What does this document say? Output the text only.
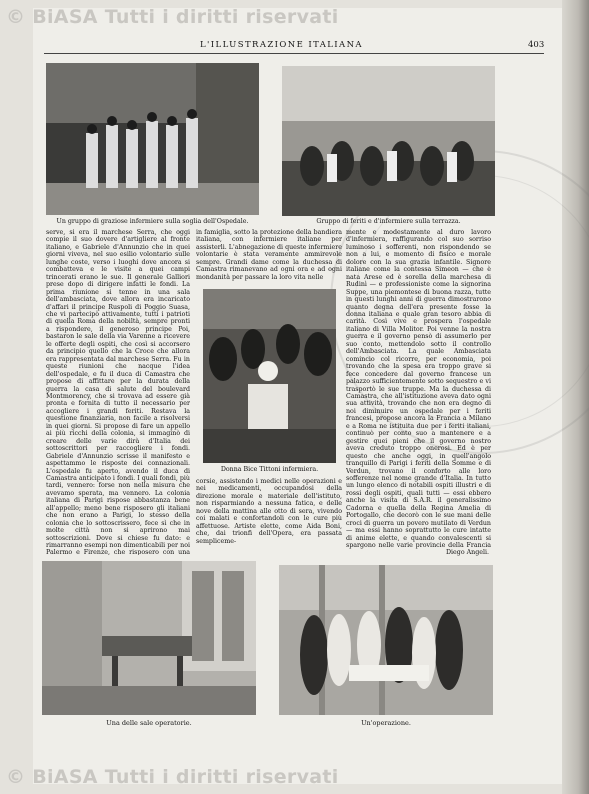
© BiASA Tutti i diritti riservati
L'ILLUSTRAZIONE ITALIANA	403
Un gruppo di graziose infermiere sulla soglia dell'Ospedale.	Gruppo di feriti e d'infermiere sulla terrazza.

serve, si era il marchese Serra, che oggi compie il suo dovere d'artigliere al fronte italiano, e Gabriele d'Annunzio che in quei giorni viveva, nel suo esilio volontario sulle lunghe coste, verso i luoghi dove ancora si combatteva e le visite a quei campi trincerati erano le sue. Il generale Galliori prese dopo di dirigere infatti le fondi. La prima riunione si tenne in una sala dell'ambasciata, dove allora era incaricato d'affari il principe Ruspoli di Poggio Suasa, che vi partecipò attivamente, tutti i patrioti di quella Roma della nobiltà, sempre pronti a rispondere, il generoso principe Poi, bastaron le sale della via Varenne a ricevere le offerte degli ospiti, che così si accorsero da principio quello che la Croce che allora era rappresentata dal marchese Serra. Fu in queste riunioni che nacque l'idea dell'ospedale, e fu il duca di Camastra che propose di affittare per la durata della guerra la casa di salute del boulevard Montmorency, che si trovava ad essere già pronta e fornita di tutto il necessario per accogliere i grandi feriti. Restava la questione finanziaria, non facile a risolversi in quei giorni. Si propose di fare un appello ai più ricchi della colonia, si immaginò di creare delle varie dirà d'Italia dei sottoscrittori per raccogliere i fondi. Gabriele d'Annunzio scrisse il manifesto e aspettammo le risposte dei connazionali. L'ospedale fu aperto, avendo il duca di Camastra anticipato i fondi. I quali fondi, più tardi, vennero: forse non nella misura che avevamo sperata, ma vennero. La colonia italiana di Parigi rispose abbastanza bene all'appello; meno bene risposero gli italiani che non erano a Parigi, lo stesso della colonia che lo sottoscrissero, fece sì che in molte città non si aprirono mai sottoscrizioni. Dove si chiese fu dato: e rimarranno esempi non dimenticabili per noi Palermo e Firenze, che risposero con una

in famiglia, sotto la protezione della bandiera italiana, con infermiere italiane per assisterli. L'abnegazione di queste infermiere volontarie è stata veramente ammirevole sempre. Grandi dame come la duchessa di Camastra rimanevano ad ogni ora e ad ogni mondanità per passare la loro vita nelle

Donna Bice Tittoni infermiera.

corsie, assistendo i medici nelle operazioni e nei medicamenti, occupandosi della direzione morale e materiale dell'istituto, non risparmiando a nessuna fatica, e delle nove della mattina alle otto di sera, vivendo coi malati e confortandoli con le cure più affettuose. Artiste elette, come Aida Boni, che, dai trionfi dell'Opera, era passata sempliceme-

mente e modestamente al duro lavoro d'infermiera, raffigurando col suo sorriso luminoso i sofferenti, non rispondendo se non a lui, e momento di fisico e morale dolore con la sua grazia infantile. Signore italiane come la contessa Simeon — che è nata Arese ed è sorella della marchesa di Rudinì — e professioniste come la signorina Suppe, una piemontese di buona razza, tutte in questi lunghi anni di guerra dimostrarono quanto degna dell'era presente fosse la donna italiana e quale gran tesoro abbia di carità. Così vive e prospera l'ospedale italiano di Villa Molitor. Poi venne la nostra guerra e il governo pensò di assumerlo per suo conto, mettendolo sotto il controllo dell'Ambasciata. La quale Ambasciata comincio col ricorre, per economia, poi trovando che la spesa era troppo grave si fece concedere dal governo francese un palazzo sufficientemente sotto sequestro e vi trasportò le sue truppe. Ma la duchessa di Camastra, che all'istituzione aveva dato ogni sua attività, trovando che non era degno di noi diminuire un ospedale per i feriti francesi, propose ancora la Francia a Milano e a Roma ne istituita due per i feriti italiani, continuò per conto suo a mantenere e a gestire quei pieni che il governo nostro aveva creduto troppo onerosi. Ed è per questo che anche oggi, in quell'angolo tranquillo di Parigi i feriti della Somme e di Verdun, trovano il conforto alle loro sofferenze nel nome grande d'Italia. In tutto un lungo elenco di notabili ospiti illustri e di rossi degli ospiti, quali tutti — essi ebbero anche la visita di S.A.R. il generalissimo Cadorna e quella della Regina Amelia di Portogallo, che decorò con le sue mani delle croci di guerra un povero mutilato di Verdun — ma essi hanno soprattutto le cure intatte di anime elette, e quando convalescenti si spargono nelle varie provincie della Francia

Diego Angeli.
Una delle sale operatorie.	Un'operazione.
© BiASA Tutti i diritti riservati
